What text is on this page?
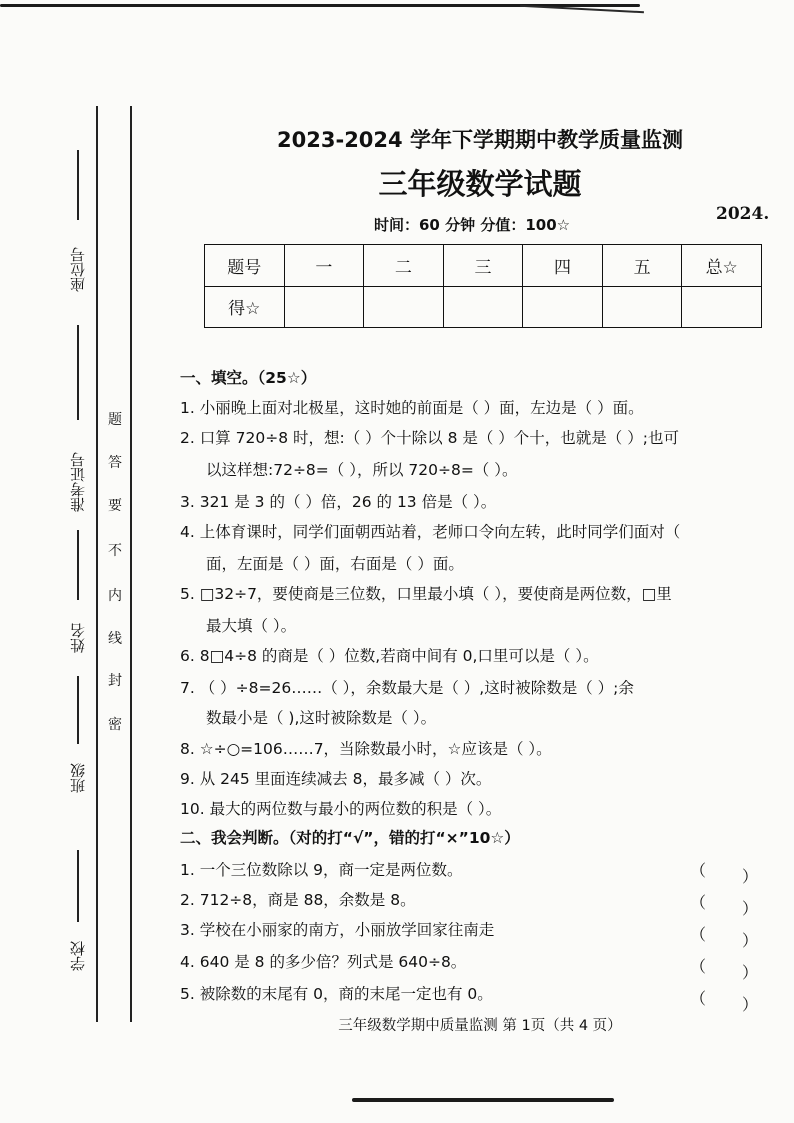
座位号
准考证号
姓名
班级
学校
题
答
要
不
内
线
封
密
2023-2024 学年下学期期中教学质量监测
三年级数学试题
时间：60 分钟 分值：100☆
2024.
题号	一	二	三	四	五	总☆
得☆						
一、填空。（25☆）
1. 小丽晚上面对北极星，这时她的前面是（ ）面，左边是（ ）面。
2. 口算 720÷8 时，想:（ ）个十除以 8 是（ ）个十，也就是（ ）;也可
以这样想:72÷8=（ ），所以 720÷8=（ ）。
3. 321 是 3 的（ ）倍，26 的 13 倍是（ ）。
4. 上体育课时，同学们面朝西站着，老师口令向左转，此时同学们面对（
面，左面是（ ）面，右面是（ ）面。
5. □32÷7，要使商是三位数，口里最小填（ ），要使商是两位数，□里
最大填（ ）。
6. 8□4÷8 的商是（ ）位数,若商中间有 0,口里可以是（ ）。
7. （ ）÷8=26……（ ），余数最大是（ ）,这时被除数是（ ）;余
数最小是（ ),这时被除数是（ ）。
8. ☆÷○=106……7，当除数最小时，☆应该是（ ）。
9. 从 245 里面连续减去 8，最多减（ ）次。
10. 最大的两位数与最小的两位数的积是（ ）。
二、我会判断。（对的打“√”，错的打“×”10☆）
1. 一个三位数除以 9，商一定是两位数。	（ ）
2. 712÷8，商是 88，余数是 8。	（ ）
3. 学校在小丽家的南方，小丽放学回家往南走	（ ）
4. 640 是 8 的多少倍？列式是 640÷8。	（ ）
5. 被除数的末尾有 0，商的末尾一定也有 0。	（ ）
三年级数学期中质量监测 第 1页（共 4 页）
